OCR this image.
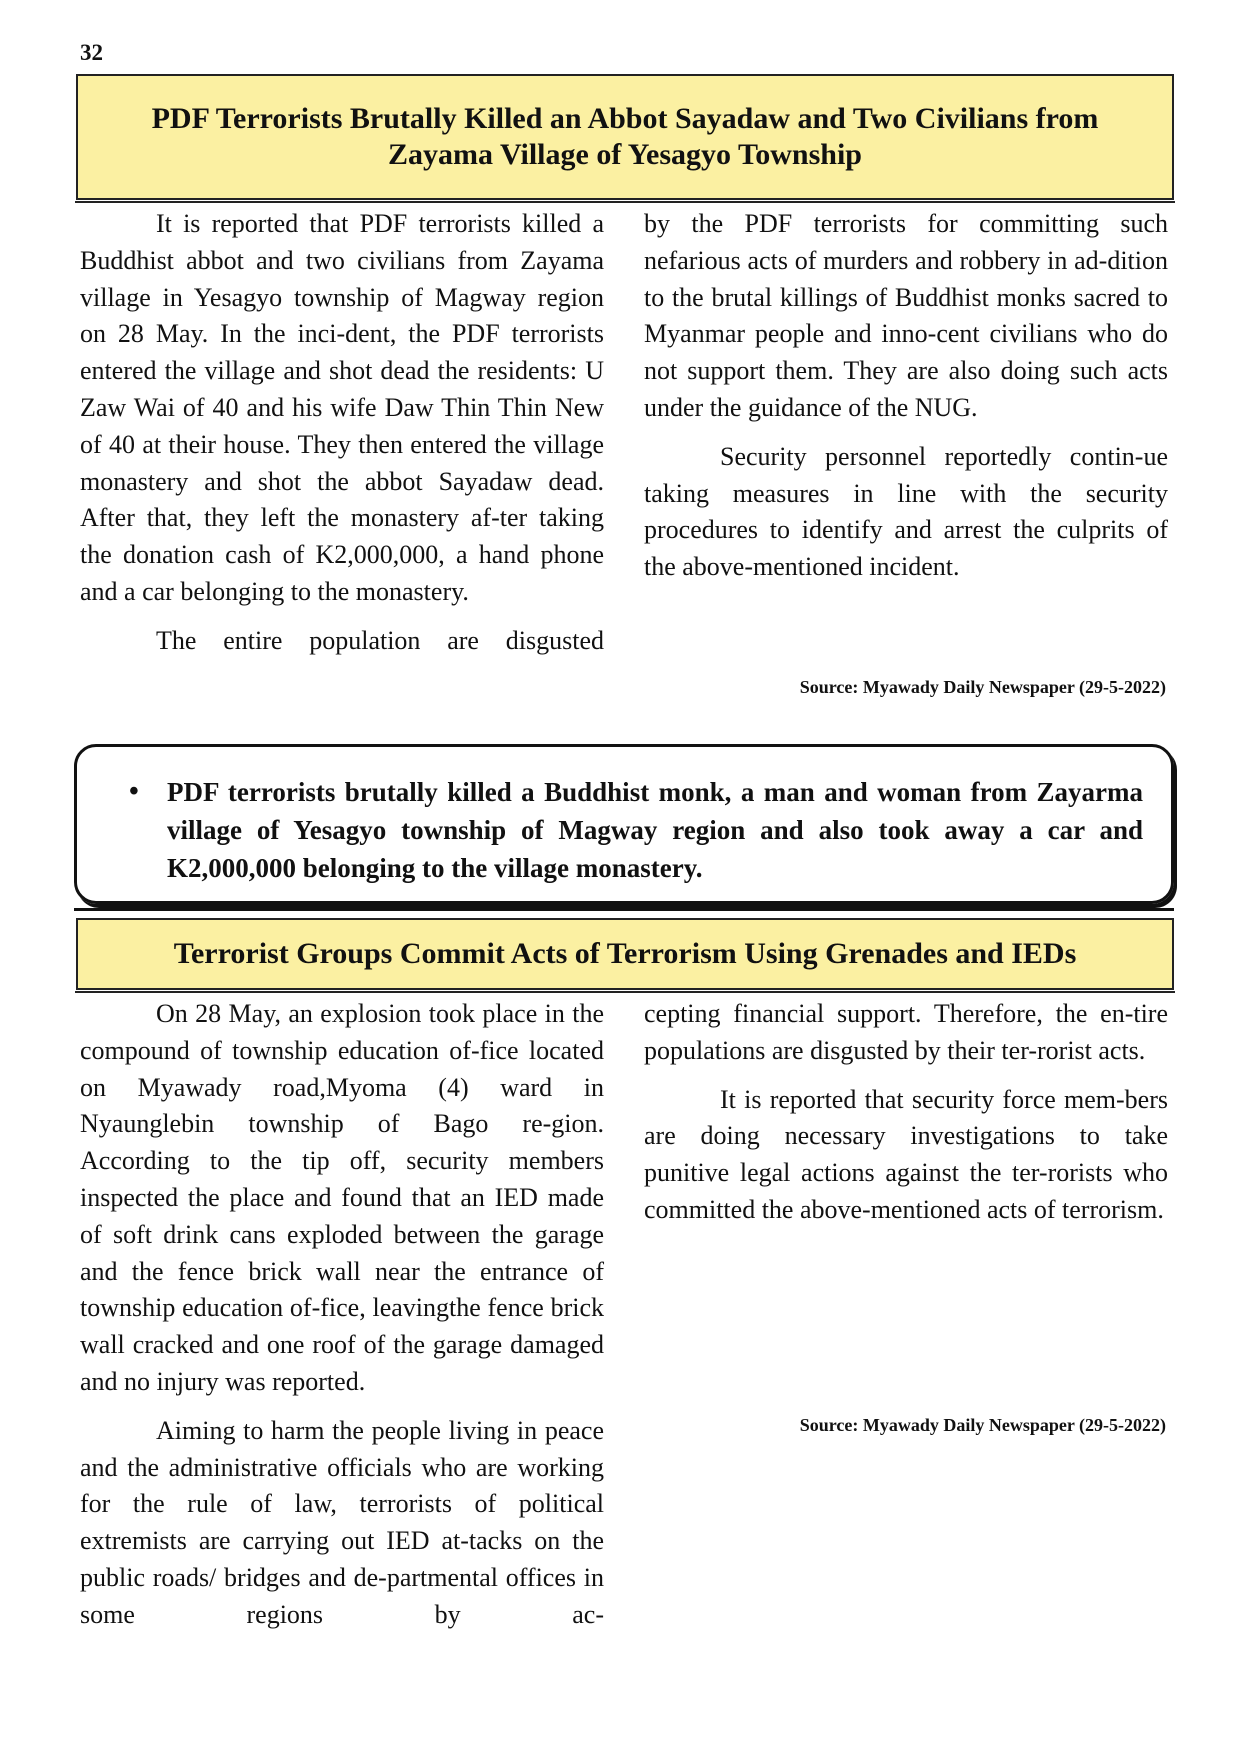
32
PDF Terrorists Brutally Killed an Abbot Sayadaw and Two Civilians from Zayama Village of Yesagyo Township

It is reported that PDF terrorists killed a Buddhist abbot and two civilians from Zayama village in Yesagyo township of Magway region on 28 May. In the inci-dent, the PDF terrorists entered the village and shot dead the residents: U Zaw Wai of 40 and his wife Daw Thin Thin New of 40 at their house. They then entered the village monastery and shot the abbot Sayadaw dead. After that, they left the monastery af-ter taking the donation cash of K2,000,000, a hand phone and a car belonging to the monastery.

The entire population are disgusted

by the PDF terrorists for committing such nefarious acts of murders and robbery in ad-dition to the brutal killings of Buddhist monks sacred to Myanmar people and inno-cent civilians who do not support them. They are also doing such acts under the guidance of the NUG.

Security personnel reportedly contin-ue taking measures in line with the security procedures to identify and arrest the culprits of the above-mentioned incident.

Source: Myawady Daily Newspaper (29-5-2022)
• PDF terrorists brutally killed a Buddhist monk, a man and woman from Zayarma village of Yesagyo township of Magway region and also took away a car and K2,000,000 belonging to the village monastery.
Terrorist Groups Commit Acts of Terrorism Using Grenades and IEDs

On 28 May, an explosion took place in the compound of township education of-fice located on Myawady road,Myoma (4) ward in Nyaunglebin township of Bago re-gion. According to the tip off, security members inspected the place and found that an IED made of soft drink cans exploded between the garage and the fence brick wall near the entrance of township education of-fice, leavingthe fence brick wall cracked and one roof of the garage damaged and no injury was reported.

Aiming to harm the people living in peace and the administrative officials who are working for the rule of law, terrorists of political extremists are carrying out IED at-tacks on the public roads/ bridges and de-partmental offices in some regions by ac-

cepting financial support. Therefore, the en-tire populations are disgusted by their ter-rorist acts.

It is reported that security force mem-bers are doing necessary investigations to take punitive legal actions against the ter-rorists who committed the above-mentioned acts of terrorism.

Source: Myawady Daily Newspaper (29-5-2022)
